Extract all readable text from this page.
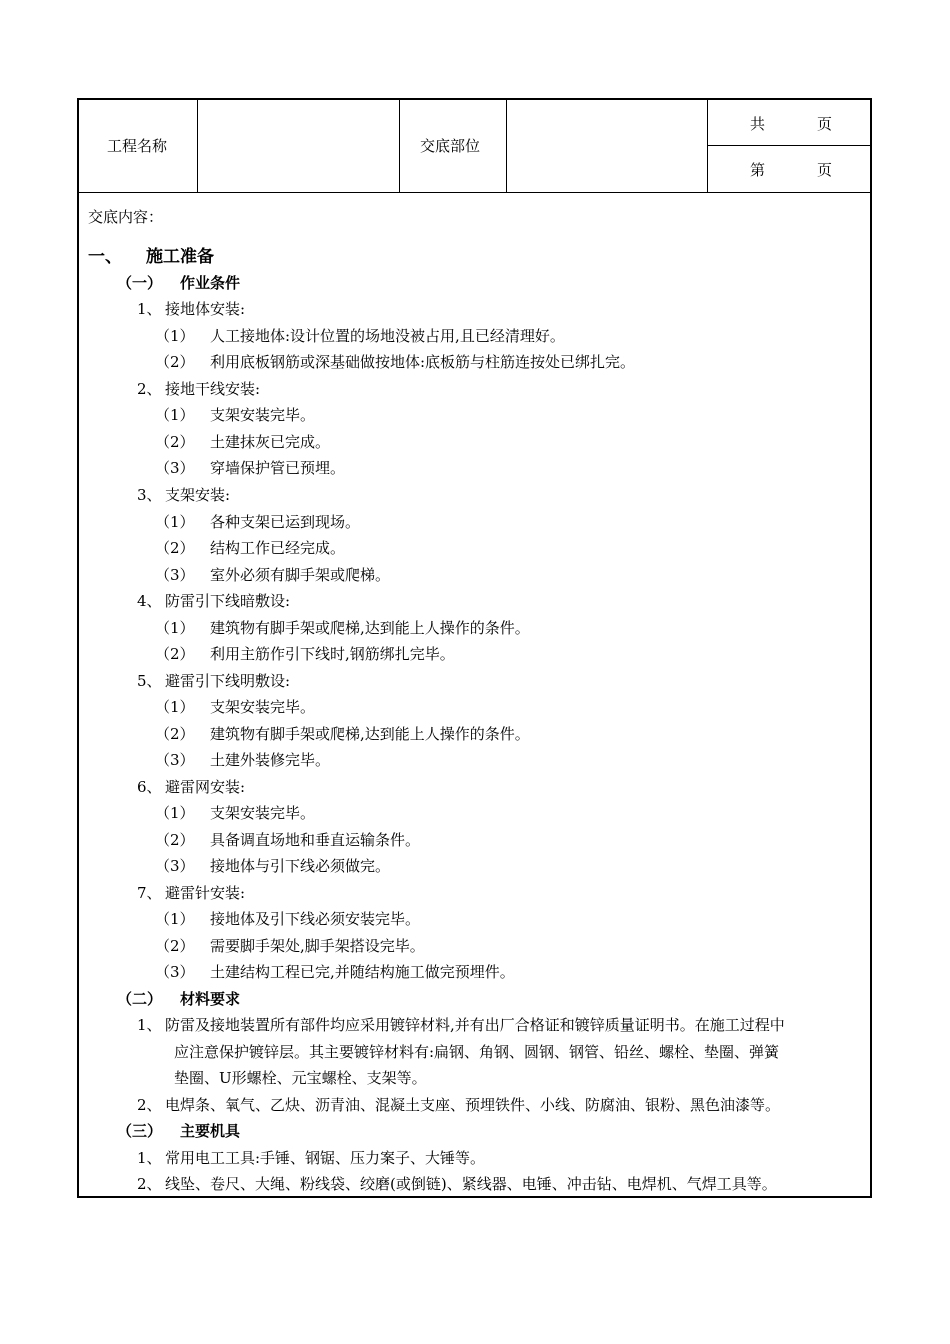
工程名称	交底部位
共	页
第	页
交底内容：
一、 施工准备
（一） 作业条件
1、 接地体安装:
（1） 人工接地体:设计位置的场地没被占用,且已经清理好。
（2） 利用底板钢筋或深基础做按地体:底板筋与柱筋连按处已绑扎完。
2、 接地干线安装:
（1） 支架安装完毕。
（2） 土建抹灰已完成。
（3） 穿墙保护管已预埋。
3、 支架安装:
（1） 各种支架已运到现场。
（2） 结构工作已经完成。
（3） 室外必须有脚手架或爬梯。
4、 防雷引下线暗敷设:
（1） 建筑物有脚手架或爬梯,达到能上人操作的条件。
（2） 利用主筋作引下线时,钢筋绑扎完毕。
5、 避雷引下线明敷设:
（1） 支架安装完毕。
（2） 建筑物有脚手架或爬梯,达到能上人操作的条件。
（3） 土建外装修完毕。
6、 避雷网安装:
（1） 支架安装完毕。
（2） 具备调直场地和垂直运输条件。
（3） 接地体与引下线必须做完。
7、 避雷针安装:
（1） 接地体及引下线必须安装完毕。
（2） 需要脚手架处,脚手架搭设完毕。
（3） 土建结构工程已完,并随结构施工做完预埋件。
（二） 材料要求
1、 防雷及接地装置所有部件均应采用镀锌材料,并有出厂合格证和镀锌质量证明书。在施工过程中
应注意保护镀锌层。其主要镀锌材料有:扁钢、角钢、圆钢、钢管、铅丝、螺栓、垫圈、弹簧
垫圈、U形螺栓、元宝螺栓、支架等。
2、 电焊条、氧气、乙炔、沥青油、混凝土支座、预埋铁件、小线、防腐油、银粉、黑色油漆等。
（三） 主要机具
1、 常用电工工具:手锤、钢锯、压力案子、大锤等。
2、 线坠、卷尺、大绳、粉线袋、绞磨(或倒链)、紧线器、电锤、冲击钻、电焊机、气焊工具等。
